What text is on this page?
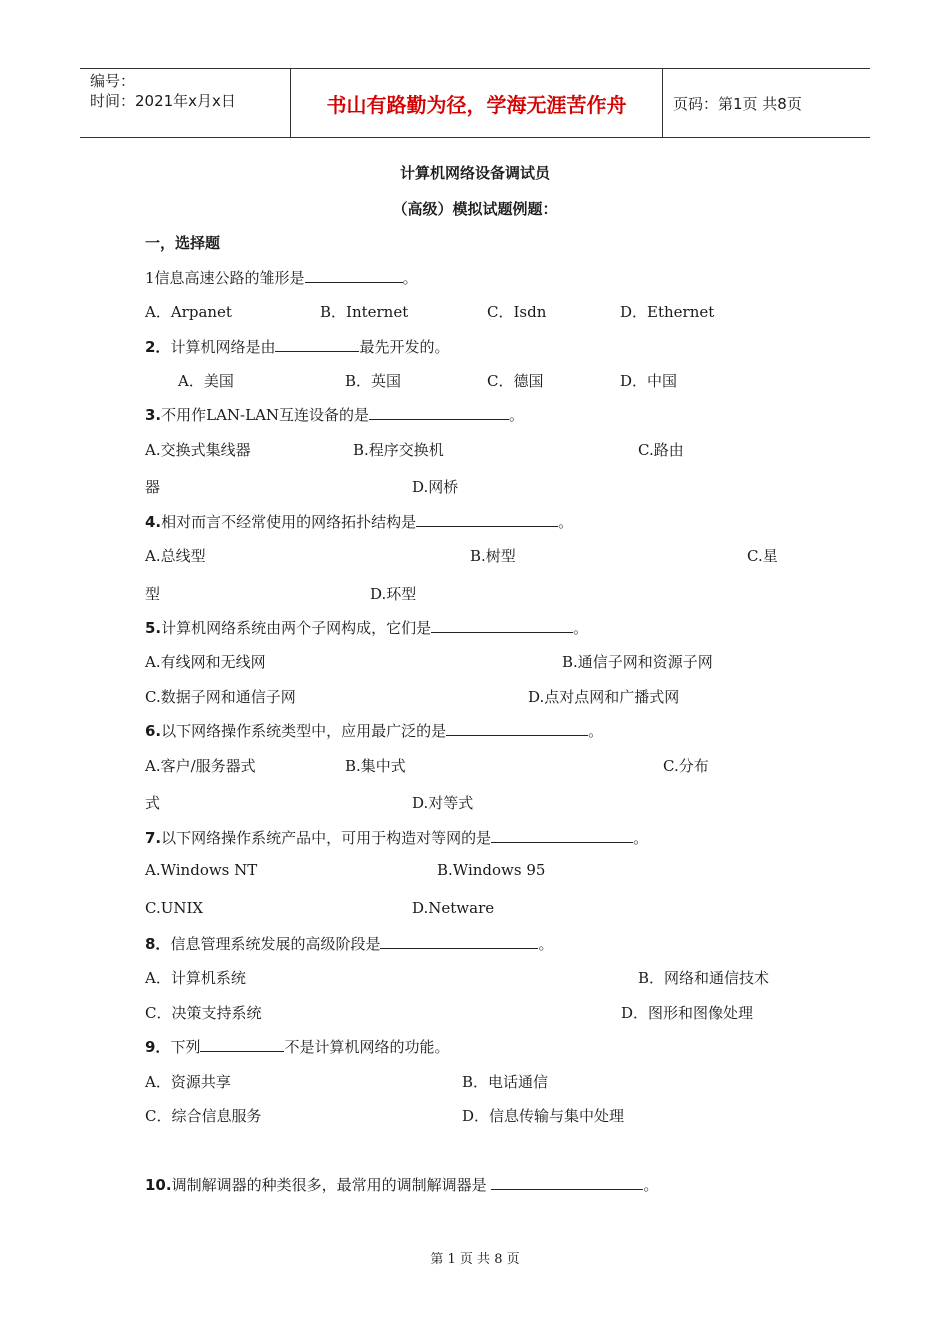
编号：
时间：2021年x月x日	书山有路勤为径，学海无涯苦作舟	页码：第1页 共8页
计算机网络设备调试员
（高级）模拟试题例题：
一，选择题
1信息高速公路的雏形是	。
A．Arpanet	B．Internet	C．Isdn	D．Ethernet
2．计算机网络是由	最先开发的。
A．美国	B．英国	C．德国	D．中国
3.不用作LAN-LAN互连设备的是	。
A.交换式集线器	B.程序交换机	C.路由
器	D.网桥
4.相对而言不经常使用的网络拓扑结构是	。
A.总线型	B.树型	C.星
型	D.环型
5.计算机网络系统由两个子网构成，它们是	。
A.有线网和无线网	B.通信子网和资源子网
C.数据子网和通信子网	D.点对点网和广播式网
6.以下网络操作系统类型中，应用最广泛的是	。
A.客户/服务器式	B.集中式	C.分布
式	D.对等式
7.以下网络操作系统产品中，可用于构造对等网的是	。
A.Windows NT	B.Windows 95
C.UNIX	D.Netware
8．信息管理系统发展的高级阶段是	。
A．计算机系统	B．网络和通信技术
C．决策支持系统	D．图形和图像处理
9．下列	不是计算机网络的功能。
A．资源共享	B．电话通信
C．综合信息服务	D．信息传输与集中处理
10.调制解调器的种类很多，最常用的调制解调器是	。
第 1 页 共 8 页
